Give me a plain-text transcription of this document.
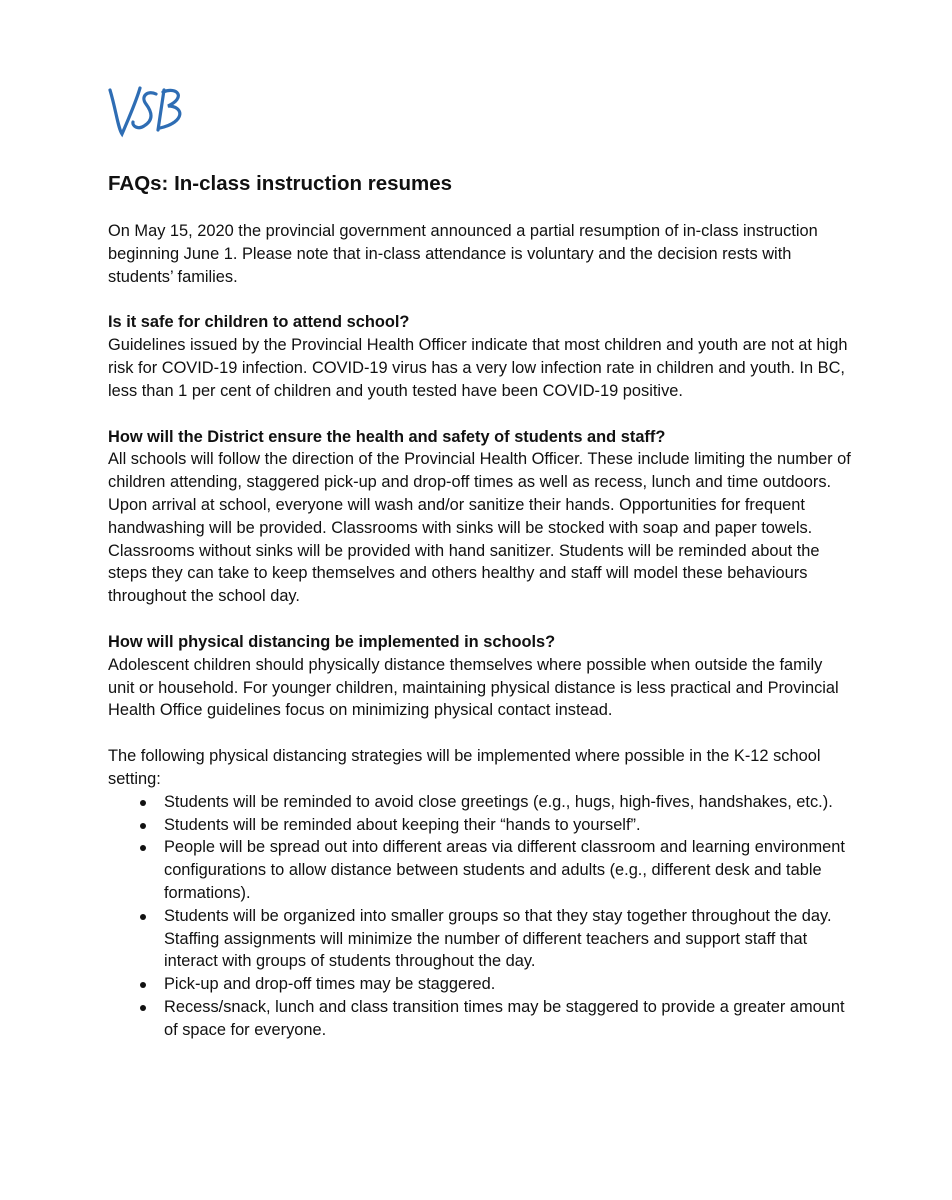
FAQs: In-class instruction resumes

On May 15, 2020 the provincial government announced a partial resumption of in-class instruction beginning June 1. Please note that in-class attendance is voluntary and the decision rests with students’ families.

Is it safe for children to attend school?

Guidelines issued by the Provincial Health Officer indicate that most children and youth are not at high risk for COVID-19 infection. COVID-19 virus has a very low infection rate in children and youth. In BC, less than 1 per cent of children and youth tested have been COVID-19 positive.

How will the District ensure the health and safety of students and staff?

All schools will follow the direction of the Provincial Health Officer. These include limiting the number of children attending, staggered pick-up and drop-off times as well as recess, lunch and time outdoors. Upon arrival at school, everyone will wash and/or sanitize their hands. Opportunities for frequent handwashing will be provided. Classrooms with sinks will be stocked with soap and paper towels. Classrooms without sinks will be provided with hand sanitizer. Students will be reminded about the steps they can take to keep themselves and others healthy and staff will model these behaviours throughout the school day.

How will physical distancing be implemented in schools?

Adolescent children should physically distance themselves where possible when outside the family unit or household. For younger children, maintaining physical distance is less practical and Provincial Health Office guidelines focus on minimizing physical contact instead.

The following physical distancing strategies will be implemented where possible in the K-12 school setting:

Students will be reminded to avoid close greetings (e.g., hugs, high-fives, handshakes, etc.).
Students will be reminded about keeping their “hands to yourself”.
People will be spread out into different areas via different classroom and learning environment configurations to allow distance between students and adults (e.g., different desk and table formations).
Students will be organized into smaller groups so that they stay together throughout the day. Staffing assignments will minimize the number of different teachers and support staff that interact with groups of students throughout the day.
Pick-up and drop-off times may be staggered.
Recess/snack, lunch and class transition times may be staggered to provide a greater amount of space for everyone.
